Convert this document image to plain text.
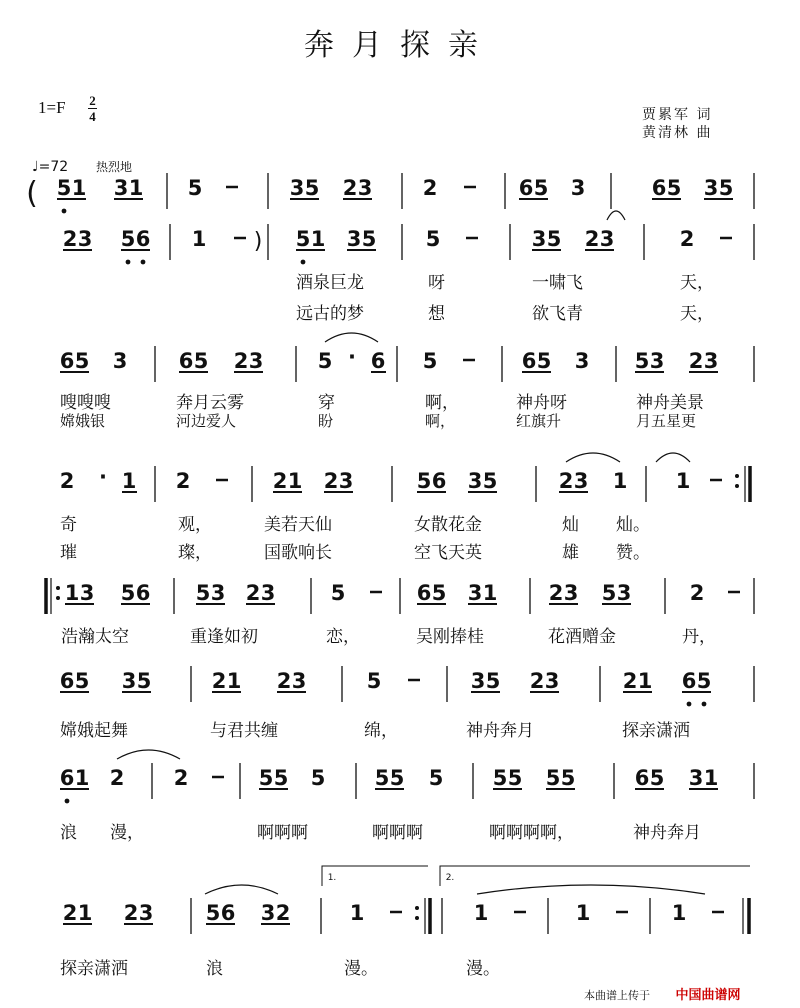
奔月探亲
1=F 2
4	贾累军 词
黄清林 曲
♩=72 热烈地
( 5 1 3 1 5	3 5 2 3 2	6 5 3	6 5 3 5
2 3 5 6 1 ) 5 1 3 5 5	3 5 2 3	2
6 5 3 6 5 2 3	5 · 6 5	6 5 3 5 3 2 3
2 · 1 2	2 1 2 3	5 6 3 5	2 3 1 1
1 3 5 6 5 3 2 3	5	6 5 3 1 2 3 5 3	2
6 5 3 5	2 1 2 3	5	3 5 2 3	2 1 6 5
6 1 2 2	5 5 5 5 5 5 5 5 5 5	6 5 3 1
1.	2.
2 1 2 3 5 6 3 2	1	1	1	1
酒泉巨龙	呀	一啸飞	天，
远古的梦	想	欲飞青	天，
嗖嗖嗖	奔月云雾	穿	啊，	神舟呀	神舟美景
嫦娥银	河边爱人	盼	啊，	红旗升	月五星更
奇	观，	美若天仙	女散花金	灿 灿。
璀	璨，	国歌响长	空飞天英	雄 赞。
浩瀚太空	重逢如初	恋，	吴刚捧桂	花酒赠金	丹，
嫦娥起舞	与君共缠	绵，	神舟奔月	探亲潇洒
浪 漫，	啊啊啊	啊啊啊	啊啊啊啊，	神舟奔月
探亲潇洒	浪	漫。	漫。
本曲谱上传于 中国曲谱网
